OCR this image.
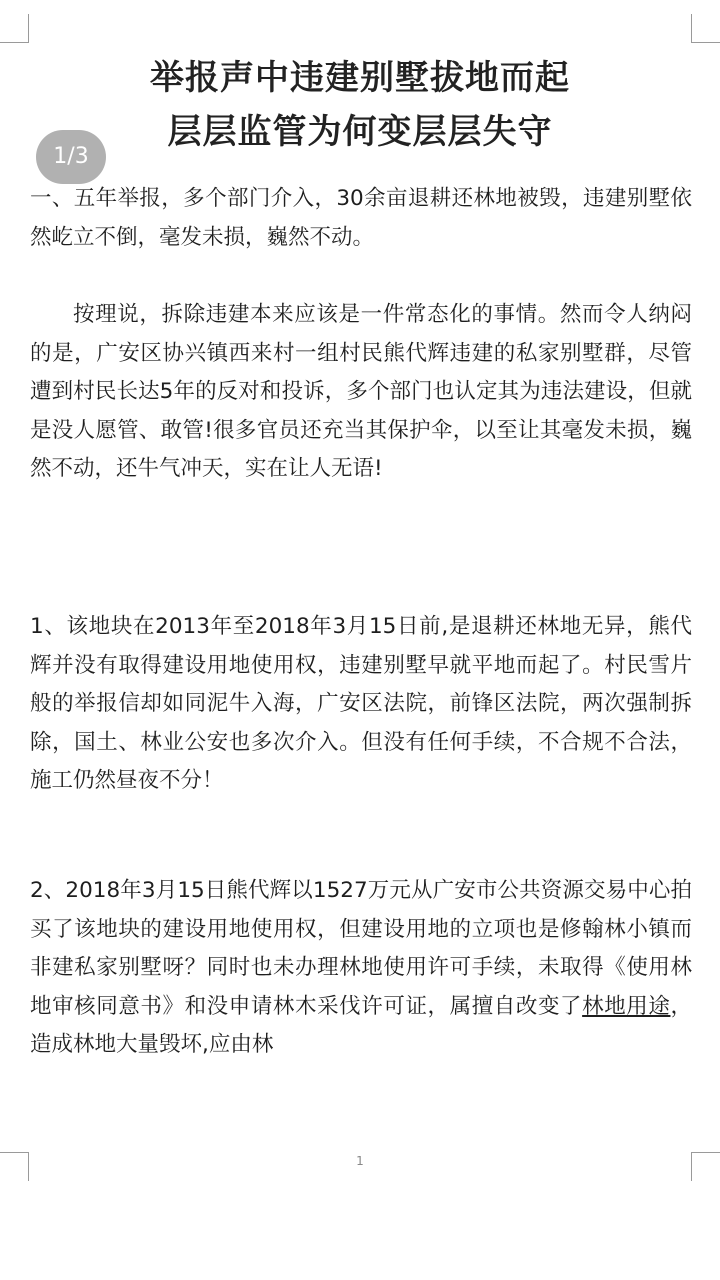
举报声中违建别墅拔地而起
层层监管为何变层层失守

一、五年举报，多个部门介入，30余亩退耕还林地被毁，违建别墅依然屹立不倒，毫发未损，巍然不动。

按理说，拆除违建本来应该是一件常态化的事情。然而令人纳闷的是，广安区协兴镇西来村一组村民熊代辉违建的私家别墅群，尽管遭到村民长达5年的反对和投诉，多个部门也认定其为违法建设，但就是没人愿管、敢管!很多官员还充当其保护伞，以至让其毫发未损，巍然不动，还牛气冲天，实在让人无语!

1、该地块在2013年至2018年3月15日前,是退耕还林地无异，熊代辉并没有取得建设用地使用权，违建别墅早就平地而起了。村民雪片般的举报信却如同泥牛入海，广安区法院，前锋区法院，两次强制拆除，国土、林业公安也多次介入。但没有任何手续，不合规不合法，施工仍然昼夜不分！

2、2018年3月15日熊代辉以1527万元从广安市公共资源交易中心拍买了该地块的建设用地使用权，但建设用地的立项也是修翰林小镇而非建私家别墅呀？同时也未办理林地使用许可手续，未取得《使用林地审核同意书》和没申请林木采伐许可证，属擅自改变了林地用途，造成林地大量毁坏,应由林

1
1/3
